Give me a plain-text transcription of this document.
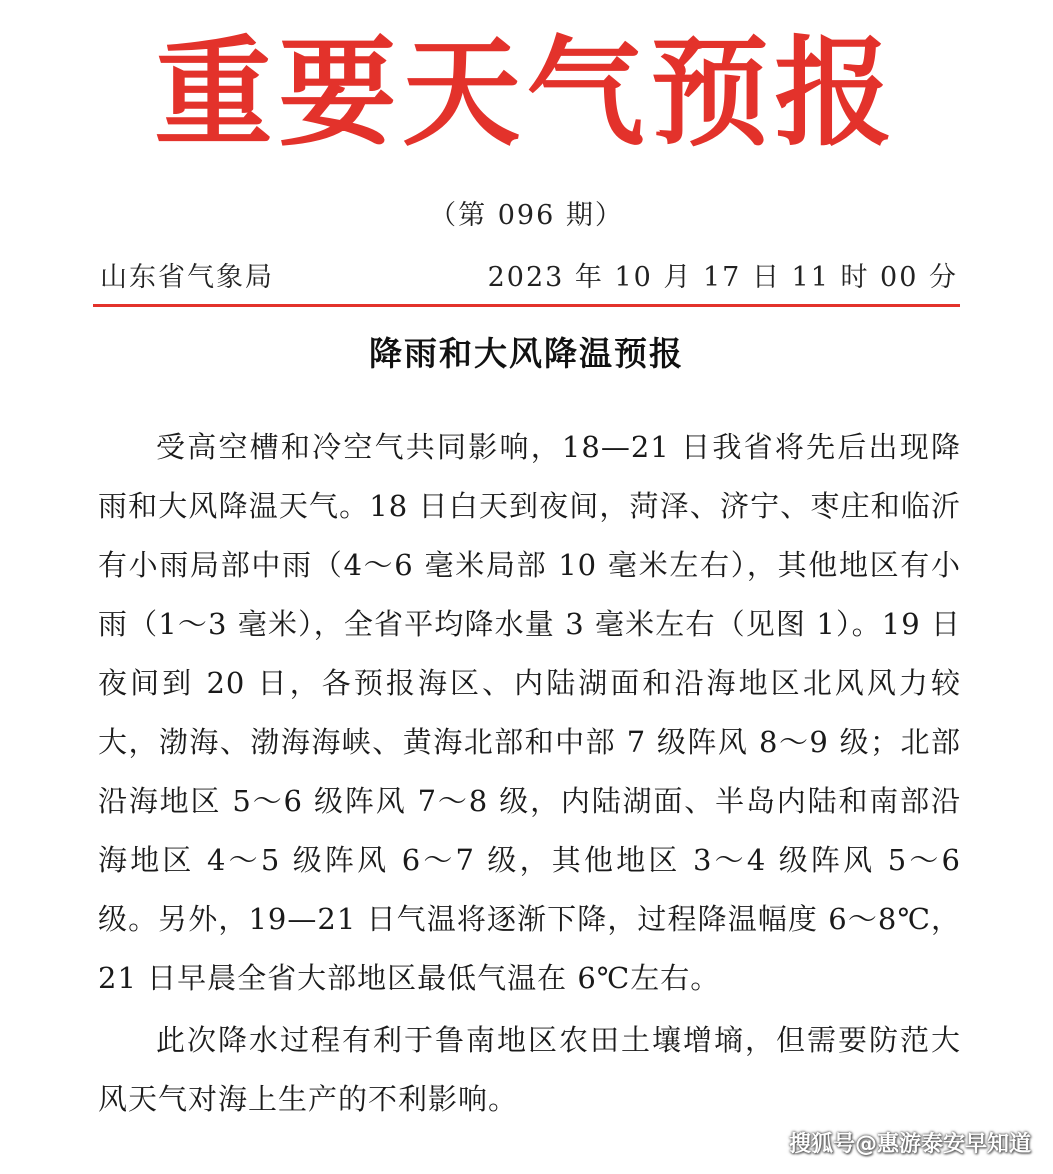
重要天气预报
（第 096 期）
山东省气象局	2023 年 10 月 17 日 11 时 00 分
降雨和大风降温预报

受高空槽和冷空气共同影响，18—21 日我省将先后出现降雨和大风降温天气。18 日白天到夜间，菏泽、济宁、枣庄和临沂有小雨局部中雨（4～6 毫米局部 10 毫米左右），其他地区有小雨（1～3 毫米），全省平均降水量 3 毫米左右（见图 1）。19 日夜间到 20 日，各预报海区、内陆湖面和沿海地区北风风力较大，渤海、渤海海峡、黄海北部和中部 7 级阵风 8～9 级；北部沿海地区 5～6 级阵风 7～8 级，内陆湖面、半岛内陆和南部沿海地区 4～5 级阵风 6～7 级，其他地区 3～4 级阵风 5～6 级。另外，19—21 日气温将逐渐下降，过程降温幅度 6～8℃，21 日早晨全省大部地区最低气温在 6℃左右。

此次降水过程有利于鲁南地区农田土壤增墒，但需要防范大风天气对海上生产的不利影响。

搜狐号@惠游泰安早知道
